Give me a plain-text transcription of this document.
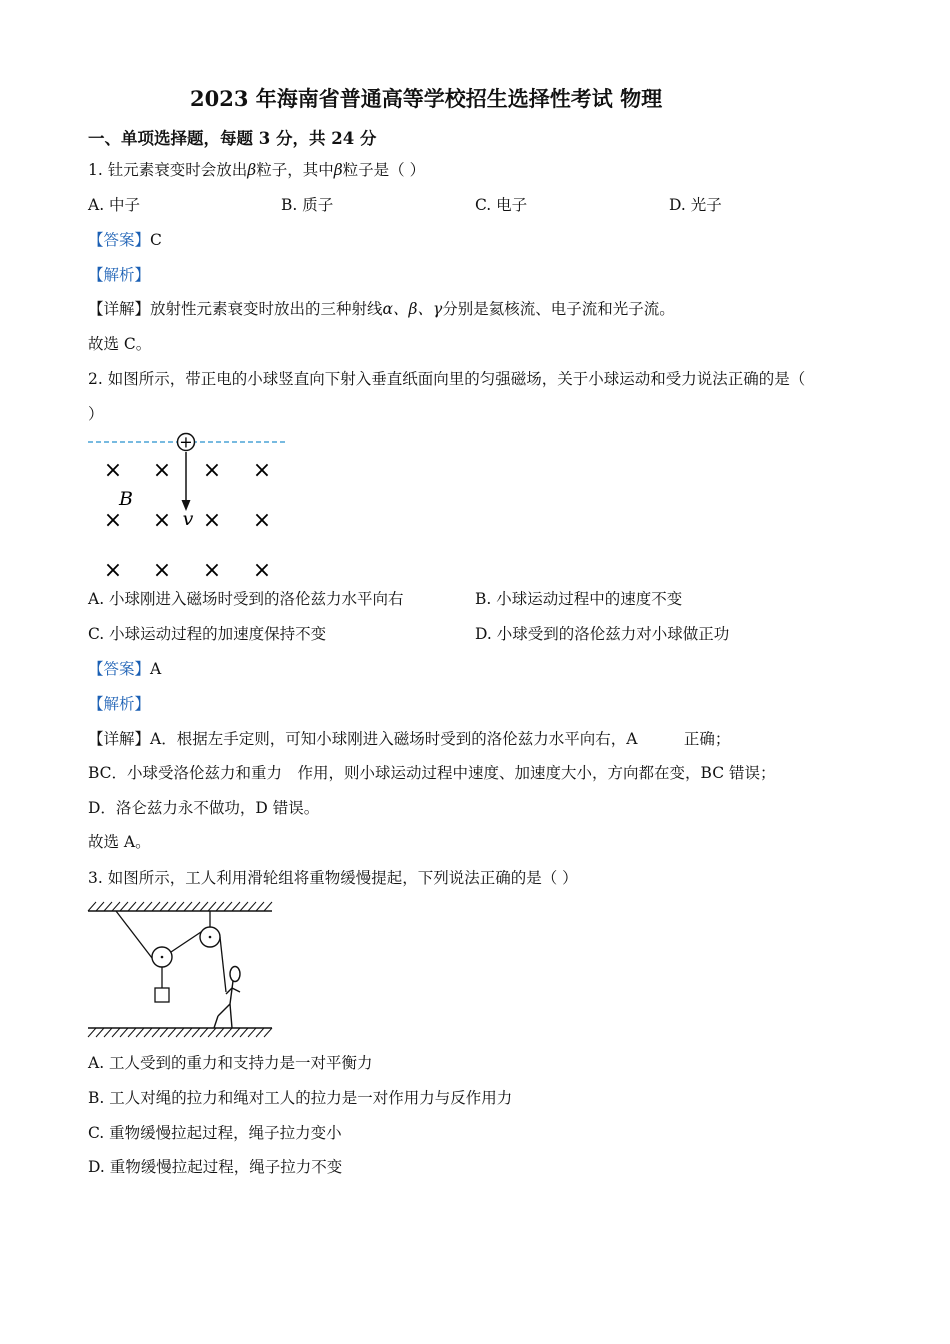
2023 年海南省普通高等学校招生选择性考试 物理
一、单项选择题，每题 3 分，共 24 分
1. 钍元素衰变时会放出β粒子，其中β粒子是（ ）
A. 中子	B. 质子	C. 电子	D. 光子
【答案】C
【解析】
【详解】放射性元素衰变时放出的三种射线α、β、γ分别是氦核流、电子流和光子流。
故选 C。
2. 如图所示，带正电的小球竖直向下射入垂直纸面向里的匀强磁场，关于小球运动和受力说法正确的是（
）
+
v
B
× × × ×
× × × ×
× × × ×
A. 小球刚进入磁场时受到的洛伦兹力水平向右	B. 小球运动过程中的速度不变
C. 小球运动过程的加速度保持不变	D. 小球受到的洛伦兹力对小球做正功
【答案】A
【解析】
【详解】A．根据左手定则，可知小球刚进入磁场时受到的洛伦兹力水平向右，A　　　正确；
BC．小球受洛伦兹力和重力　作用，则小球运动过程中速度、加速度大小，方向都在变，BC 错误；
D．洛仑兹力永不做功，D 错误。
故选 A。
3. 如图所示，工人利用滑轮组将重物缓慢提起，下列说法正确的是（ ）
A. 工人受到的重力和支持力是一对平衡力
B. 工人对绳的拉力和绳对工人的拉力是一对作用力与反作用力
C. 重物缓慢拉起过程，绳子拉力变小
D. 重物缓慢拉起过程，绳子拉力不变
